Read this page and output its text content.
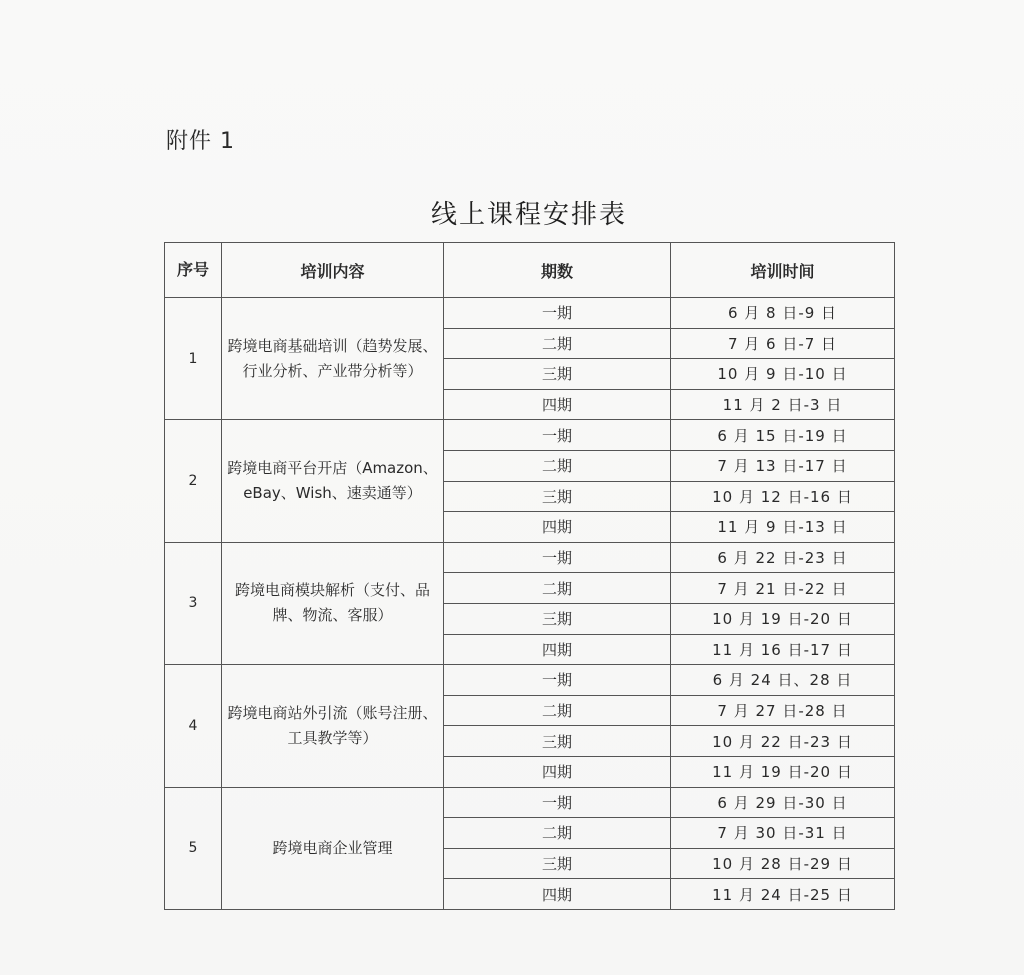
附件 1
线上课程安排表
序号	培训内容	期数	培训时间
1	跨境电商基础培训（趋势发展、行业分析、产业带分析等）	一期	6 月 8 日-9 日
		二期	7 月 6 日-7 日
		三期	10 月 9 日-10 日
		四期	11 月 2 日-3 日
2	跨境电商平台开店（Amazon、eBay、Wish、速卖通等）	一期	6 月 15 日-19 日
		二期	7 月 13 日-17 日
		三期	10 月 12 日-16 日
		四期	11 月 9 日-13 日
3	跨境电商模块解析（支付、品牌、物流、客服）	一期	6 月 22 日-23 日
		二期	7 月 21 日-22 日
		三期	10 月 19 日-20 日
		四期	11 月 16 日-17 日
4	跨境电商站外引流（账号注册、工具教学等）	一期	6 月 24 日、28 日
		二期	7 月 27 日-28 日
		三期	10 月 22 日-23 日
		四期	11 月 19 日-20 日
5	跨境电商企业管理	一期	6 月 29 日-30 日
		二期	7 月 30 日-31 日
		三期	10 月 28 日-29 日
		四期	11 月 24 日-25 日
